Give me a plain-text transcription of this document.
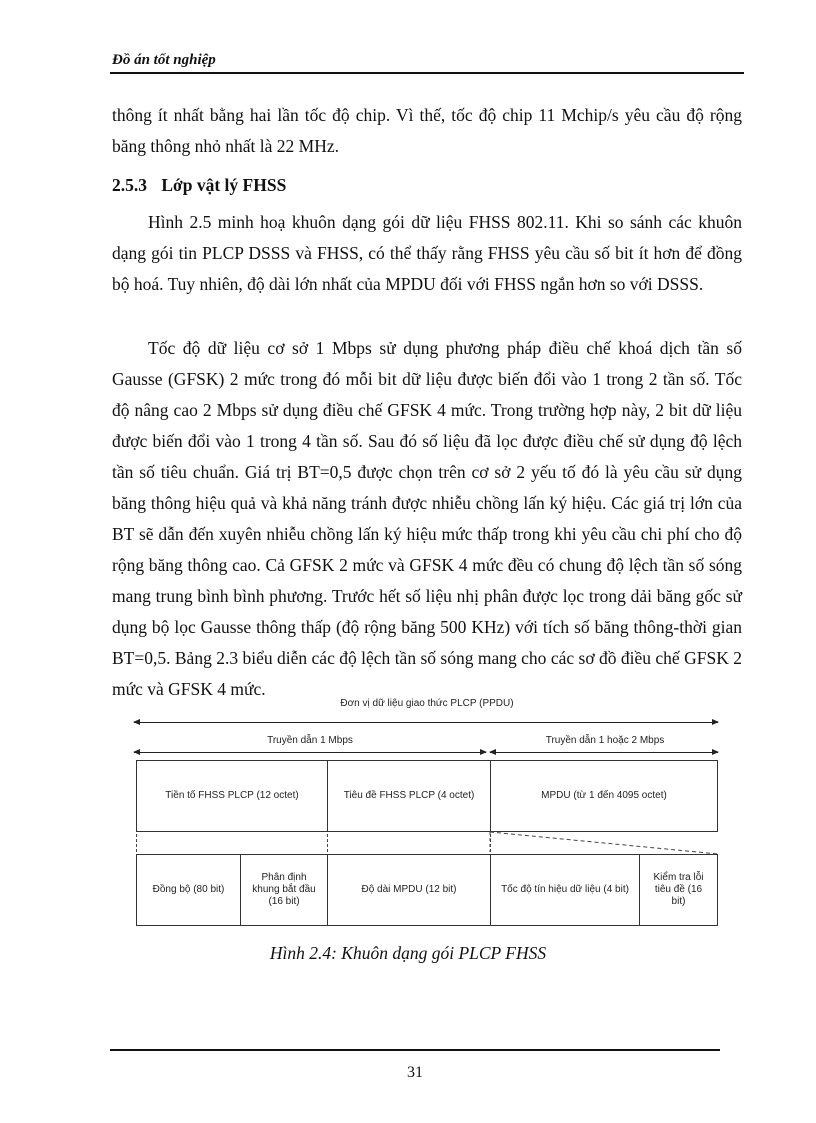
Đồ án tốt nghiệp

thông ít nhất bằng hai lần tốc độ chip. Vì thế, tốc độ chip 11 Mchip/s yêu cầu độ rộng băng thông nhỏ nhất là 22 MHz.

2.5.3 Lớp vật lý FHSS

Hình 2.5 minh hoạ khuôn dạng gói dữ liệu FHSS 802.11. Khi so sánh các khuôn dạng gói tin PLCP DSSS và FHSS, có thể thấy rằng FHSS yêu cầu số bit ít hơn để đồng bộ hoá. Tuy nhiên, độ dài lớn nhất của MPDU đối với FHSS ngắn hơn so với DSSS.

Tốc độ dữ liệu cơ sở 1 Mbps sử dụng phương pháp điều chế khoá dịch tần số Gausse (GFSK) 2 mức trong đó mỗi bit dữ liệu được biến đổi vào 1 trong 2 tần số. Tốc độ nâng cao 2 Mbps sử dụng điều chế GFSK 4 mức. Trong trường hợp này, 2 bit dữ liệu được biến đổi vào 1 trong 4 tần số. Sau đó số liệu đã lọc được điều chế sử dụng độ lệch tần số tiêu chuẩn. Giá trị BT=0,5 được chọn trên cơ sở 2 yếu tố đó là yêu cầu sử dụng băng thông hiệu quả và khả năng tránh được nhiễu chồng lấn ký hiệu. Các giá trị lớn của BT sẽ dẫn đến xuyên nhiễu chồng lấn ký hiệu mức thấp trong khi yêu cầu chi phí cho độ rộng băng thông cao. Cả GFSK 2 mức và GFSK 4 mức đều có chung độ lệch tần số sóng mang trung bình bình phương. Trước hết số liệu nhị phân được lọc trong dải băng gốc sử dụng bộ lọc Gausse thông thấp (độ rộng băng 500 KHz) với tích số băng thông-thời gian BT=0,5. Bảng 2.3 biểu diễn các độ lệch tần số sóng mang cho các sơ đồ điều chế GFSK 2 mức và GFSK 4 mức.

Đơn vị dữ liệu giao thức PLCP (PPDU)
Truyền dẫn 1 Mbps	Truyền dẫn 1 hoặc 2 Mbps
Tiền tố FHSS PLCP (12 octet)	Tiêu đề FHSS PLCP (4 octet)	MPDU (từ 1 đến 4095 octet)
Đồng bộ (80 bit)
Phân định khung bắt đầu (16 bit)
Độ dài MPDU (12 bit)	Tốc độ tín hiệu dữ liệu (4 bit)
Kiểm tra lỗi tiêu đề (16 bit)
Hình 2.4: Khuôn dạng gói PLCP FHSS
31
